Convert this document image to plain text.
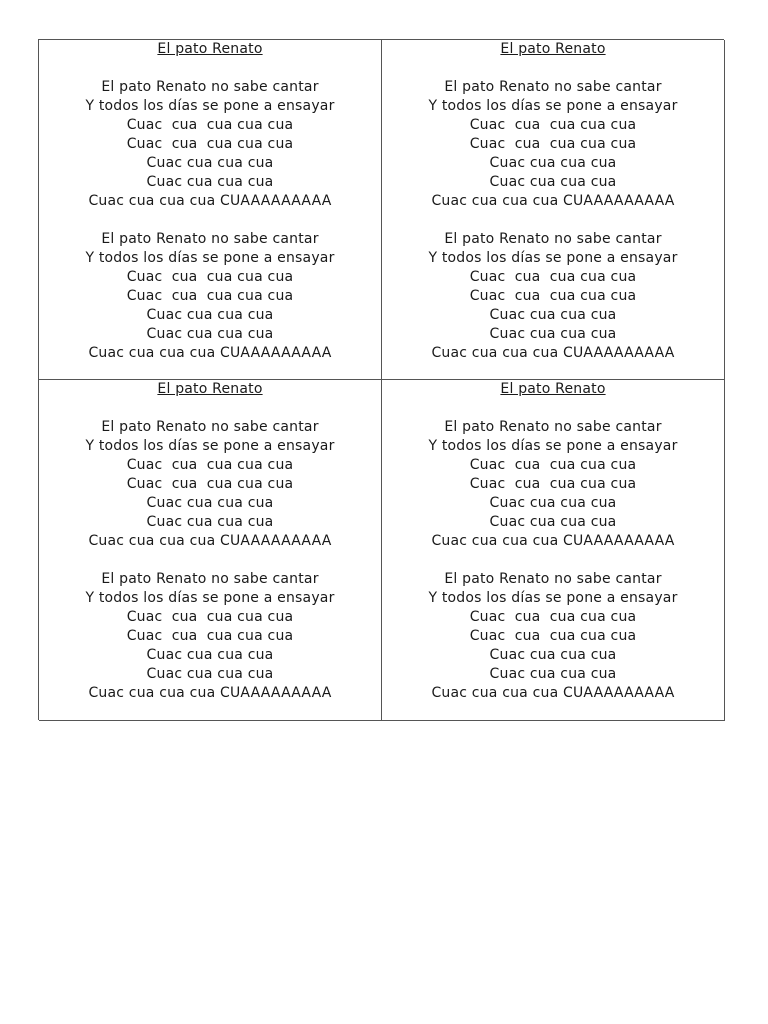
El pato Renato

El pato Renato no sabe cantar

Y todos los días se pone a ensayar

Cuac  cua  cua cua cua

Cuac  cua  cua cua cua

Cuac cua cua cua

Cuac cua cua cua

Cuac cua cua cua CUAAAAAAAAA

El pato Renato no sabe cantar

Y todos los días se pone a ensayar

Cuac  cua  cua cua cua

Cuac  cua  cua cua cua

Cuac cua cua cua

Cuac cua cua cua

Cuac cua cua cua CUAAAAAAAAA

El pato Renato

El pato Renato no sabe cantar

Y todos los días se pone a ensayar

Cuac  cua  cua cua cua

Cuac  cua  cua cua cua

Cuac cua cua cua

Cuac cua cua cua

Cuac cua cua cua CUAAAAAAAAA

El pato Renato no sabe cantar

Y todos los días se pone a ensayar

Cuac  cua  cua cua cua

Cuac  cua  cua cua cua

Cuac cua cua cua

Cuac cua cua cua

Cuac cua cua cua CUAAAAAAAAA

El pato Renato

El pato Renato no sabe cantar

Y todos los días se pone a ensayar

Cuac  cua  cua cua cua

Cuac  cua  cua cua cua

Cuac cua cua cua

Cuac cua cua cua

Cuac cua cua cua CUAAAAAAAAA

El pato Renato no sabe cantar

Y todos los días se pone a ensayar

Cuac  cua  cua cua cua

Cuac  cua  cua cua cua

Cuac cua cua cua

Cuac cua cua cua

Cuac cua cua cua CUAAAAAAAAA

El pato Renato

El pato Renato no sabe cantar

Y todos los días se pone a ensayar

Cuac  cua  cua cua cua

Cuac  cua  cua cua cua

Cuac cua cua cua

Cuac cua cua cua

Cuac cua cua cua CUAAAAAAAAA

El pato Renato no sabe cantar

Y todos los días se pone a ensayar

Cuac  cua  cua cua cua

Cuac  cua  cua cua cua

Cuac cua cua cua

Cuac cua cua cua

Cuac cua cua cua CUAAAAAAAAA
